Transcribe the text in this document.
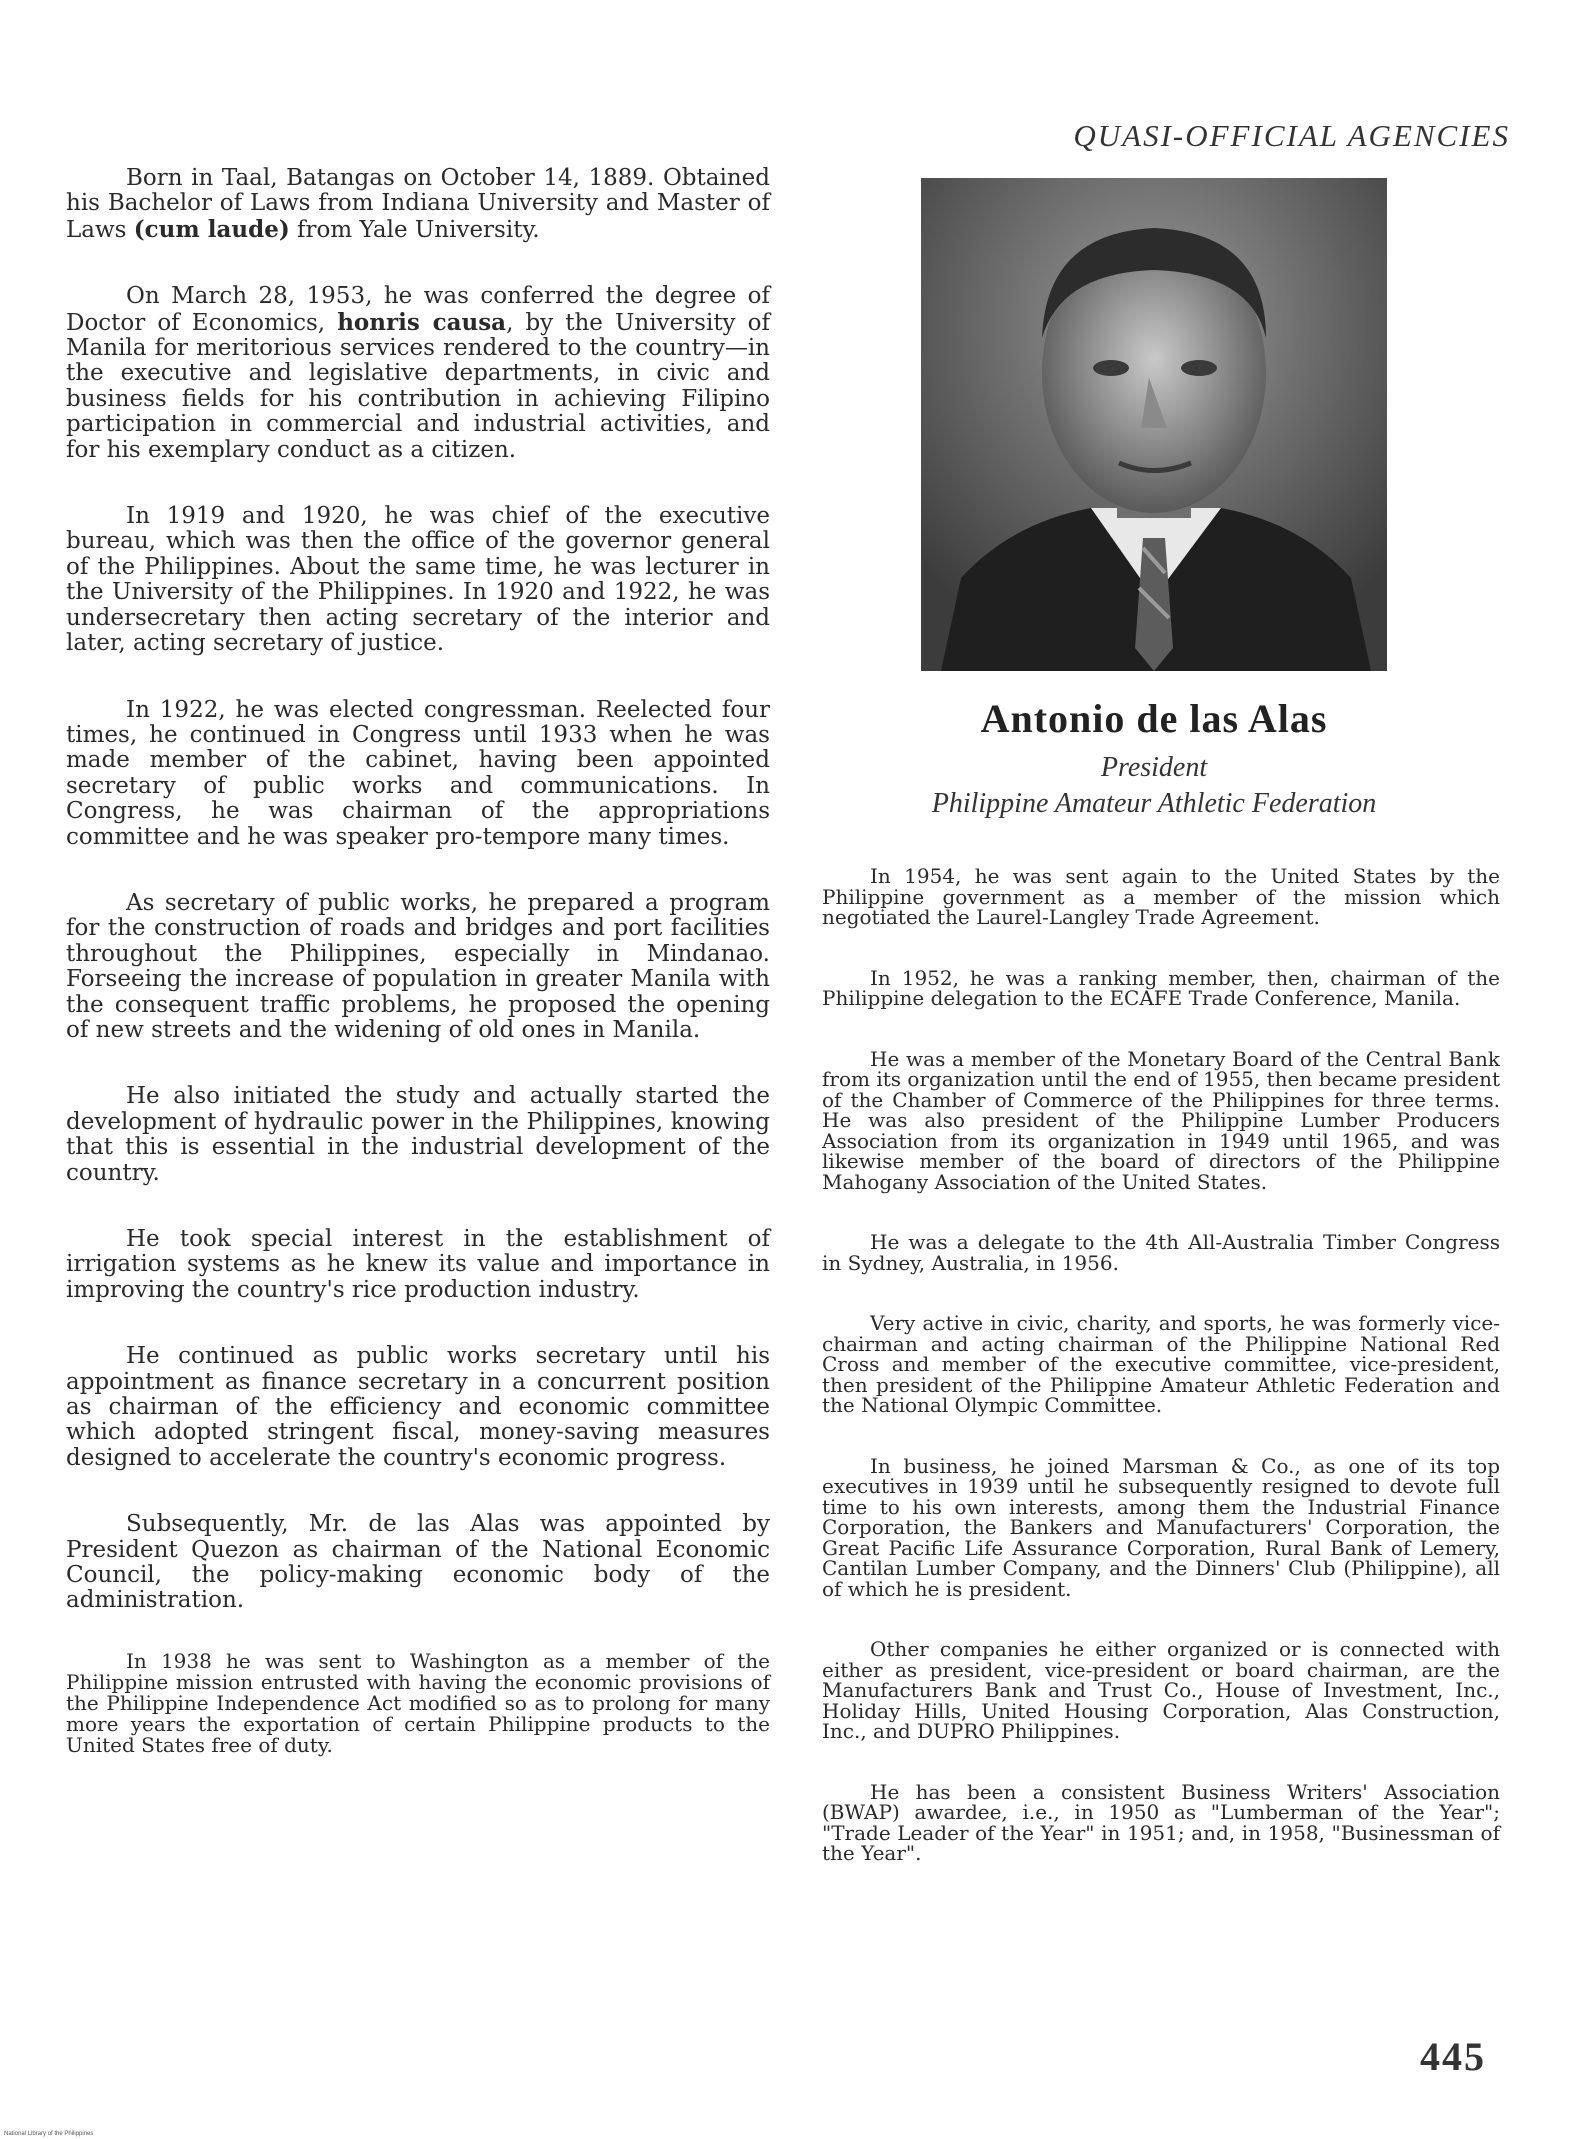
QUASI-OFFICIAL AGENCIES

Born in Taal, Batangas on October 14, 1889. Obtained his Bachelor of Laws from Indiana University and Master of Laws (cum laude) from Yale University.

On March 28, 1953, he was conferred the degree of Doctor of Economics, honris causa, by the University of Manila for meritorious services rendered to the country—in the executive and legislative departments, in civic and business fields for his contribution in achieving Filipino participation in commercial and industrial activities, and for his exemplary conduct as a citizen.

In 1919 and 1920, he was chief of the executive bureau, which was then the office of the governor general of the Philippines. About the same time, he was lecturer in the University of the Philippines. In 1920 and 1922, he was undersecretary then acting secretary of the interior and later, acting secretary of justice.

In 1922, he was elected congressman. Reelected four times, he continued in Congress until 1933 when he was made member of the cabinet, having been appointed secretary of public works and communications. In Congress, he was chairman of the appropriations committee and he was speaker pro-tempore many times.

As secretary of public works, he prepared a program for the construction of roads and bridges and port facilities throughout the Philippines, especially in Mindanao. Forseeing the increase of population in greater Manila with the consequent traffic problems, he proposed the opening of new streets and the widening of old ones in Manila.

He also initiated the study and actually started the development of hydraulic power in the Philippines, knowing that this is essential in the industrial development of the country.

He took special interest in the establishment of irrigation systems as he knew its value and importance in improving the country's rice production industry.

He continued as public works secretary until his appointment as finance secretary in a concurrent position as chairman of the efficiency and economic committee which adopted stringent fiscal, money-saving measures designed to accelerate the country's economic progress.

Subsequently, Mr. de las Alas was appointed by President Quezon as chairman of the National Economic Council, the policy-making economic body of the administration.

In 1938 he was sent to Washington as a member of the Philippine mission entrusted with having the economic provisions of the Philippine Independence Act modified so as to prolong for many more years the exportation of certain Philippine products to the United States free of duty.

Antonio de las Alas
President
Philippine Amateur Athletic Federation

In 1954, he was sent again to the United States by the Philippine government as a member of the mission which negotiated the Laurel-Langley Trade Agreement.

In 1952, he was a ranking member, then, chairman of the Philippine delegation to the ECAFE Trade Conference, Manila.

He was a member of the Monetary Board of the Central Bank from its organization until the end of 1955, then became president of the Chamber of Commerce of the Philippines for three terms. He was also president of the Philippine Lumber Producers Association from its organization in 1949 until 1965, and was likewise member of the board of directors of the Philippine Mahogany Association of the United States.

He was a delegate to the 4th All-Australia Timber Congress in Sydney, Australia, in 1956.

Very active in civic, charity, and sports, he was formerly vice-chairman and acting chairman of the Philippine National Red Cross and member of the executive committee, vice-president, then president of the Philippine Amateur Athletic Federation and the National Olympic Committee.

In business, he joined Marsman & Co., as one of its top executives in 1939 until he subsequently resigned to devote full time to his own interests, among them the Industrial Finance Corporation, the Bankers and Manufacturers' Corporation, the Great Pacific Life Assurance Corporation, Rural Bank of Lemery, Cantilan Lumber Company, and the Dinners' Club (Philippine), all of which he is president.

Other companies he either organized or is connected with either as president, vice-president or board chairman, are the Manufacturers Bank and Trust Co., House of Investment, Inc., Holiday Hills, United Housing Corporation, Alas Construction, Inc., and DUPRO Philippines.

He has been a consistent Business Writers' Association (BWAP) awardee, i.e., in 1950 as "Lumberman of the Year"; "Trade Leader of the Year" in 1951; and, in 1958, "Businessman of the Year".

445
National Library of the Philippines
